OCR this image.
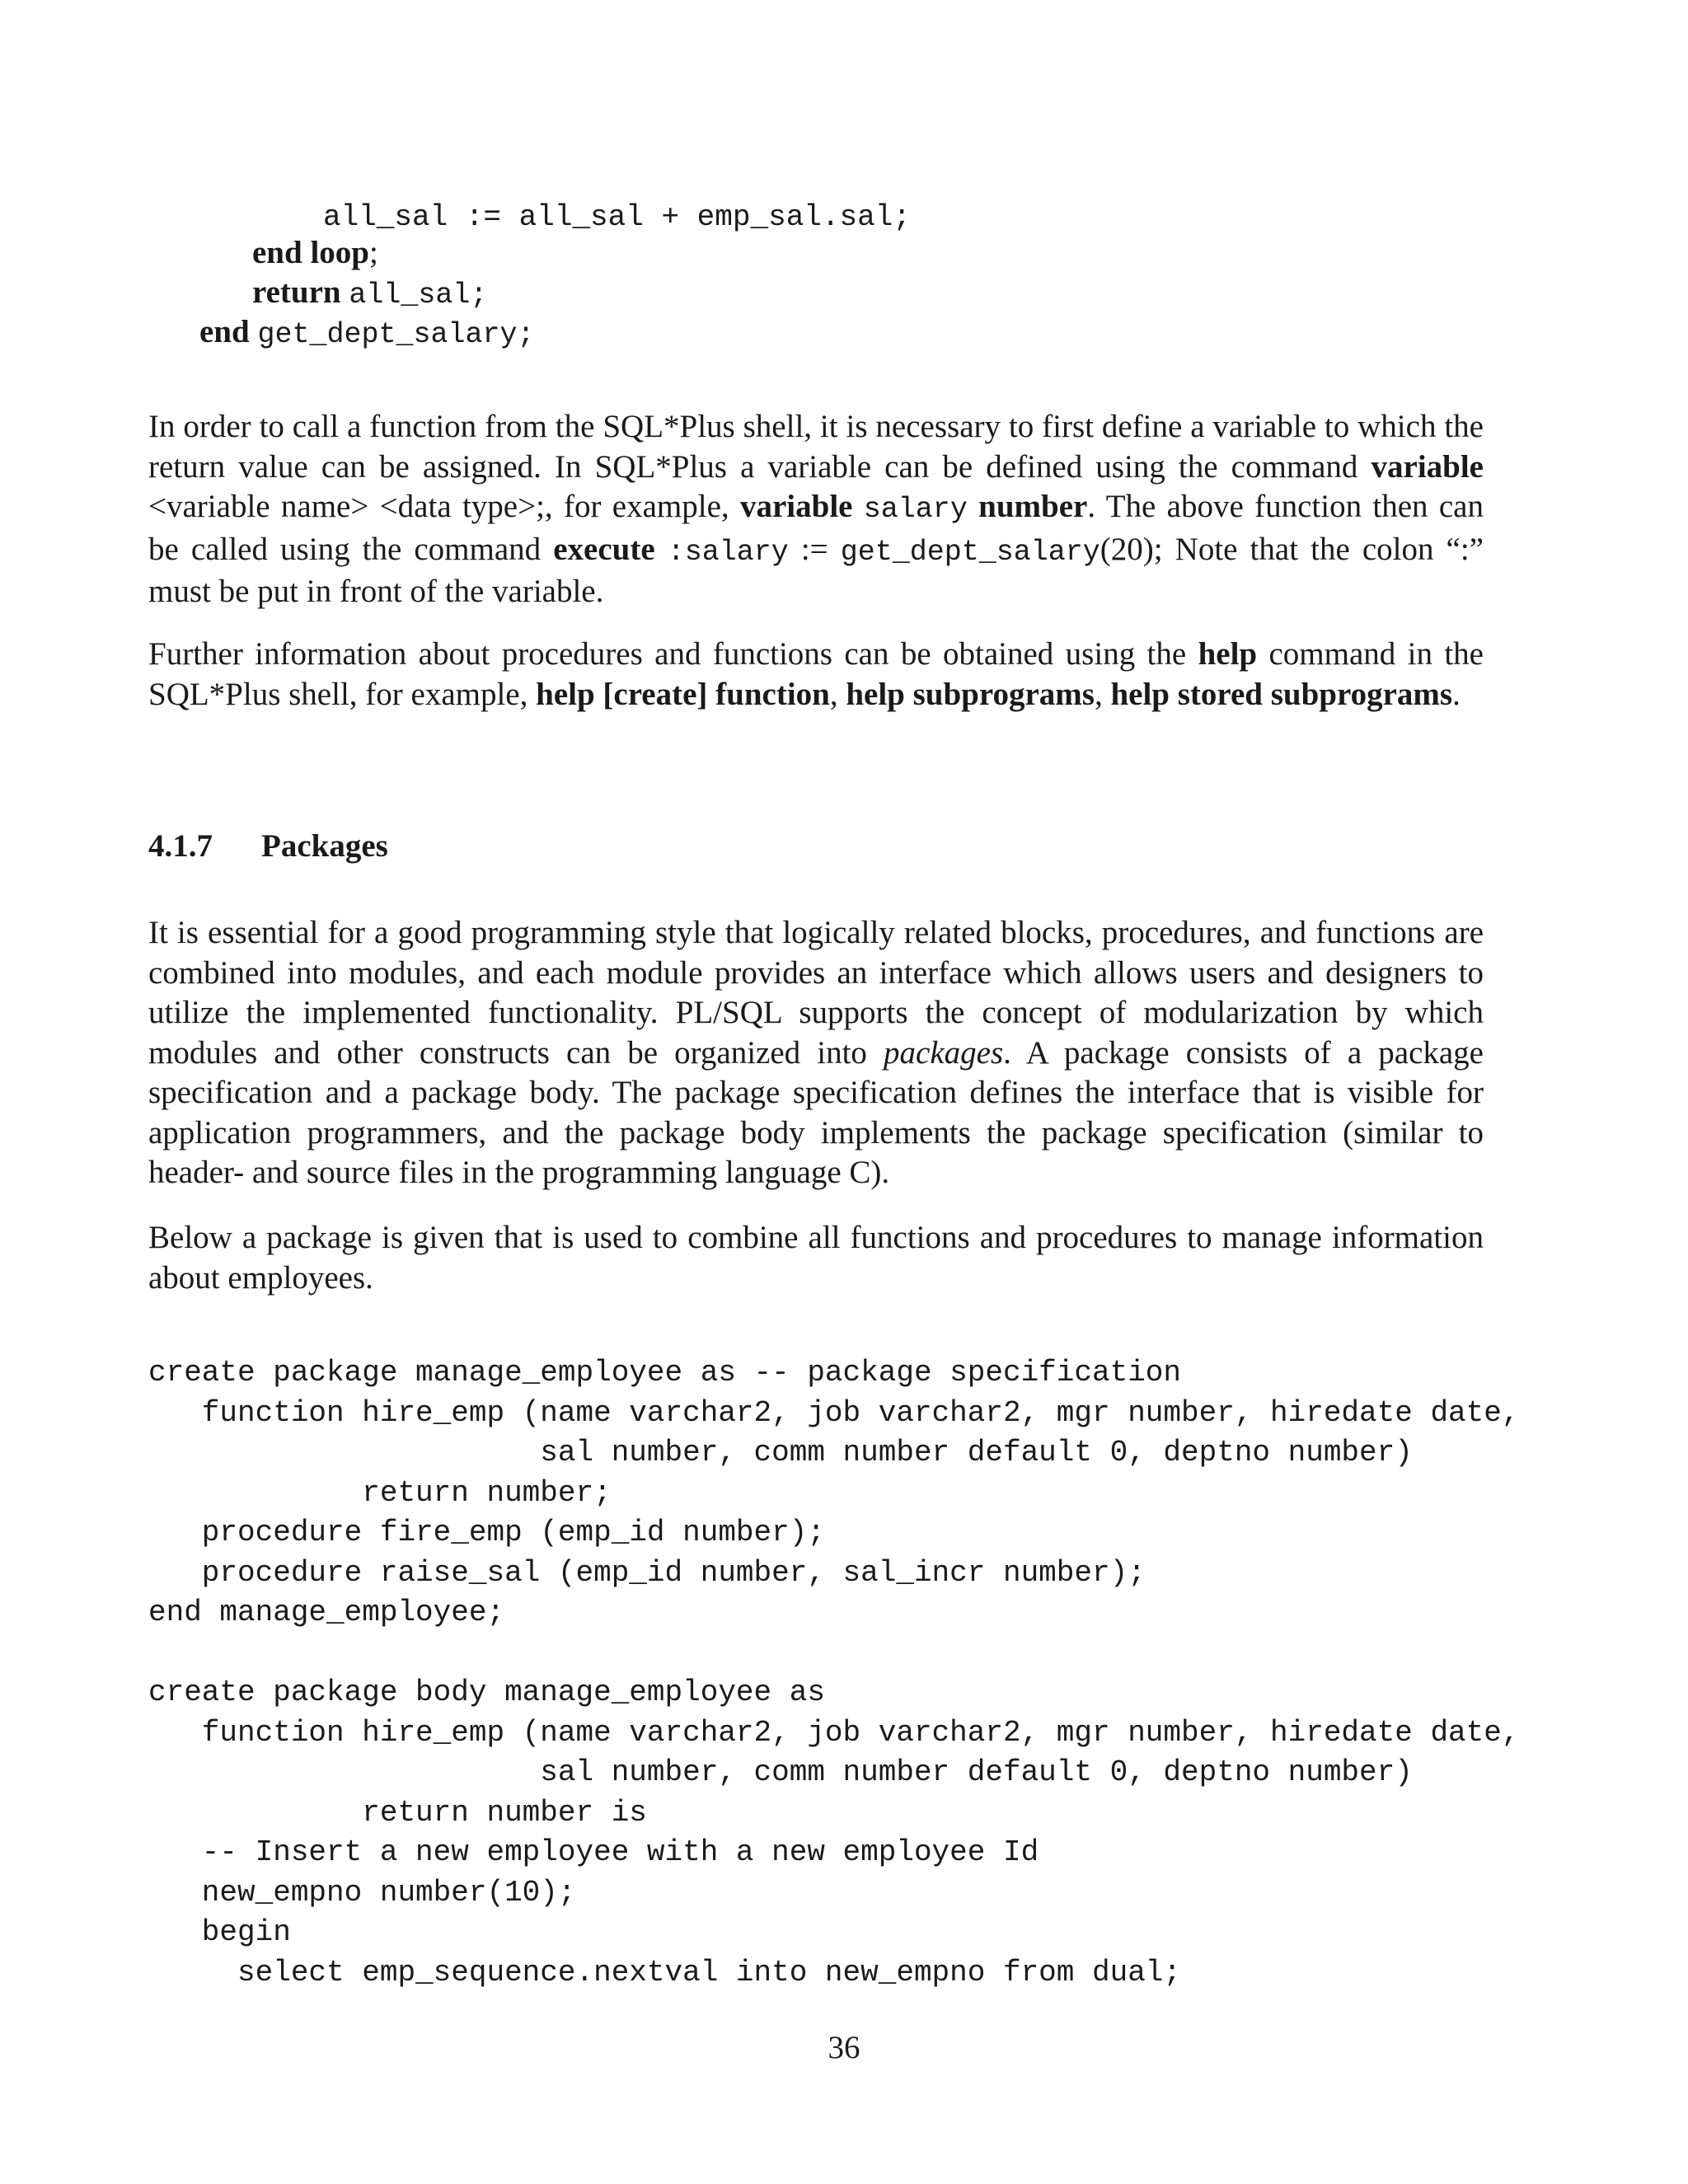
all_sal := all_sal + emp_sal.sal;
end loop;
return all_sal;
end get_dept_salary;

In order to call a function from the SQL*Plus shell, it is necessary to first define a variable to which the return value can be assigned. In SQL*Plus a variable can be defined using the command variable <variable name> <data type>;, for example, variable salary number. The above function then can be called using the command execute :salary := get_dept_salary(20); Note that the colon “:” must be put in front of the variable.

Further information about procedures and functions can be obtained using the help command in the SQL*Plus shell, for example, help [create] function, help subprograms, help stored subprograms.

4.1.7 Packages

It is essential for a good programming style that logically related blocks, procedures, and functions are combined into modules, and each module provides an interface which allows users and designers to utilize the implemented functionality. PL/SQL supports the concept of modularization by which modules and other constructs can be organized into packages. A package consists of a package specification and a package body. The package specification defines the interface that is visible for application programmers, and the package body implements the package specification (similar to header- and source files in the programming language C).

Below a package is given that is used to combine all functions and procedures to manage information about employees.

create package manage_employee as -- package specification
function hire_emp (name varchar2, job varchar2, mgr number, hiredate date,
sal number, comm number default 0, deptno number)
return number;
procedure fire_emp (emp_id number);
procedure raise_sal (emp_id number, sal_incr number);
end manage_employee;

create package body manage_employee as
function hire_emp (name varchar2, job varchar2, mgr number, hiredate date,
sal number, comm number default 0, deptno number)
return number is
-- Insert a new employee with a new employee Id
new_empno number(10);
begin
select emp_sequence.nextval into new_empno from dual;
36
